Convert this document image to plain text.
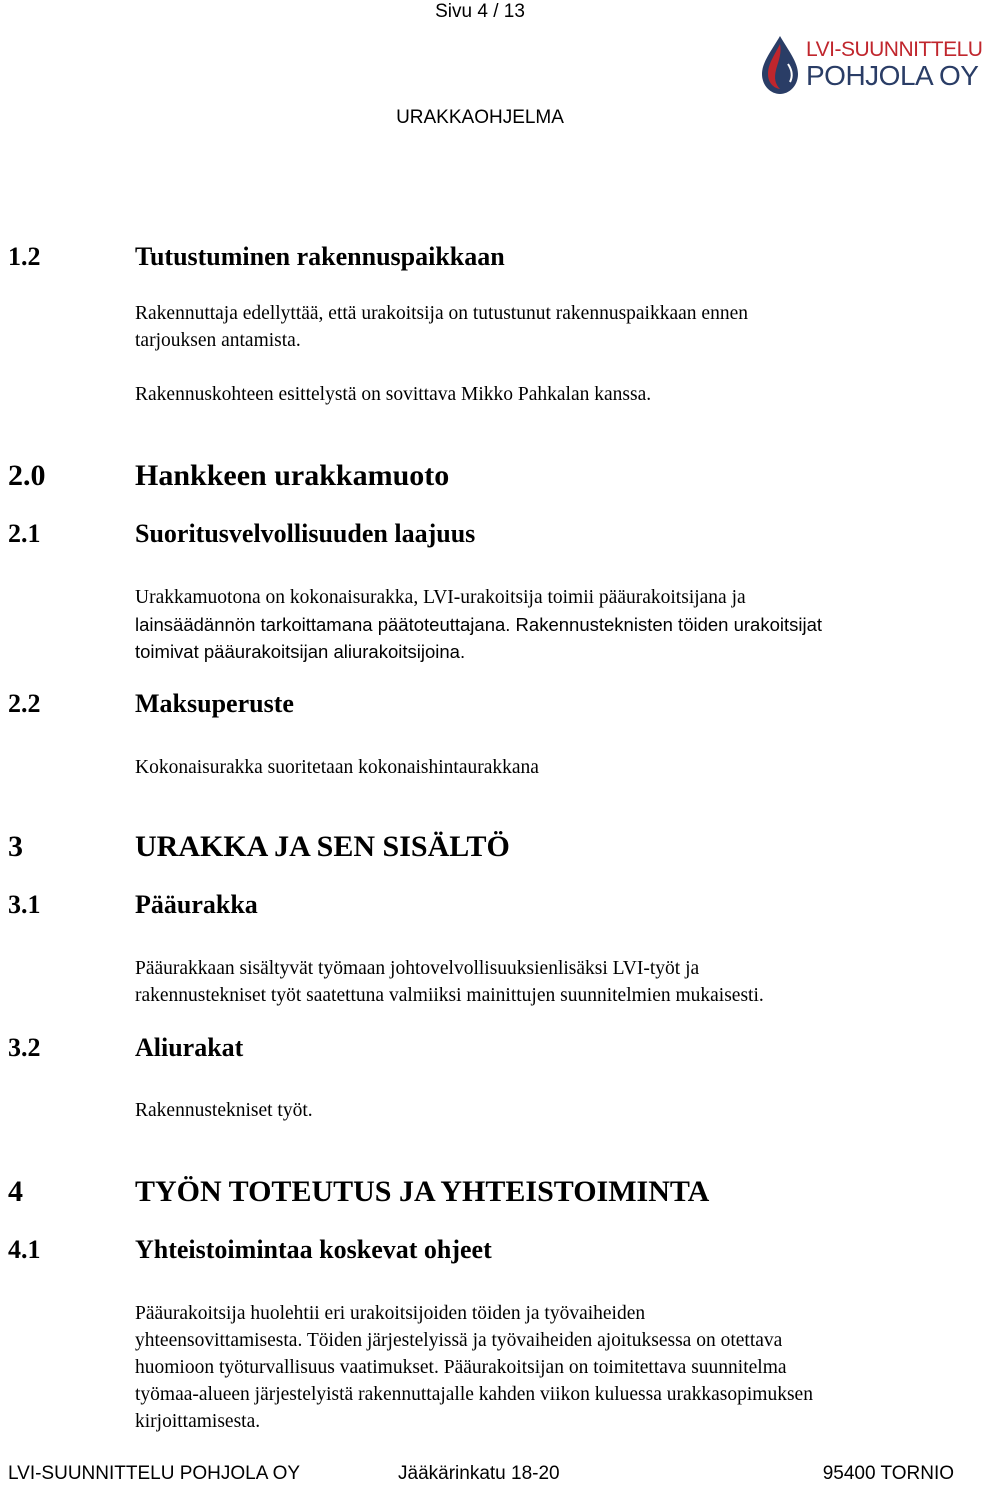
Sivu 4 / 13
LVI-SUUNNITTELU
POHJOLA OY
URAKKAOHJELMA
1.2	Tutustuminen rakennuspaikkaan
Rakennuttaja edellyttää, että urakoitsija on tutustunut rakennuspaikkaan ennen
tarjouksen antamista.
Rakennuskohteen esittelystä on sovittava Mikko Pahkalan kanssa.
2.0	Hankkeen urakkamuoto
2.1	Suoritusvelvollisuuden laajuus
Urakkamuotona on kokonaisurakka, LVI-urakoitsija toimii pääurakoitsijana ja
lainsäädännön tarkoittamana päätoteuttajana. Rakennusteknisten töiden urakoitsijat
toimivat pääurakoitsijan aliurakoitsijoina.
2.2	Maksuperuste
Kokonaisurakka suoritetaan kokonaishintaurakkana
3	URAKKA JA SEN SISÄLTÖ
3.1	Pääurakka
Pääurakkaan sisältyvät työmaan johtovelvollisuuksienlisäksi LVI-työt ja
rakennustekniset työt saatettuna valmiiksi mainittujen suunnitelmien mukaisesti.
3.2	Aliurakat
Rakennustekniset työt.
4	TYÖN TOTEUTUS JA YHTEISTOIMINTA
4.1	Yhteistoimintaa koskevat ohjeet
Pääurakoitsija huolehtii eri urakoitsijoiden töiden ja työvaiheiden
yhteensovittamisesta. Töiden järjestelyissä ja työvaiheiden ajoituksessa on otettava
huomioon työturvallisuus vaatimukset. Pääurakoitsijan on toimitettava suunnitelma
työmaa-alueen järjestelyistä rakennuttajalle kahden viikon kuluessa urakkasopimuksen
kirjoittamisesta.
LVI-SUUNNITTELU POHJOLA OY	Jääkärinkatu 18-20	95400 TORNIO
